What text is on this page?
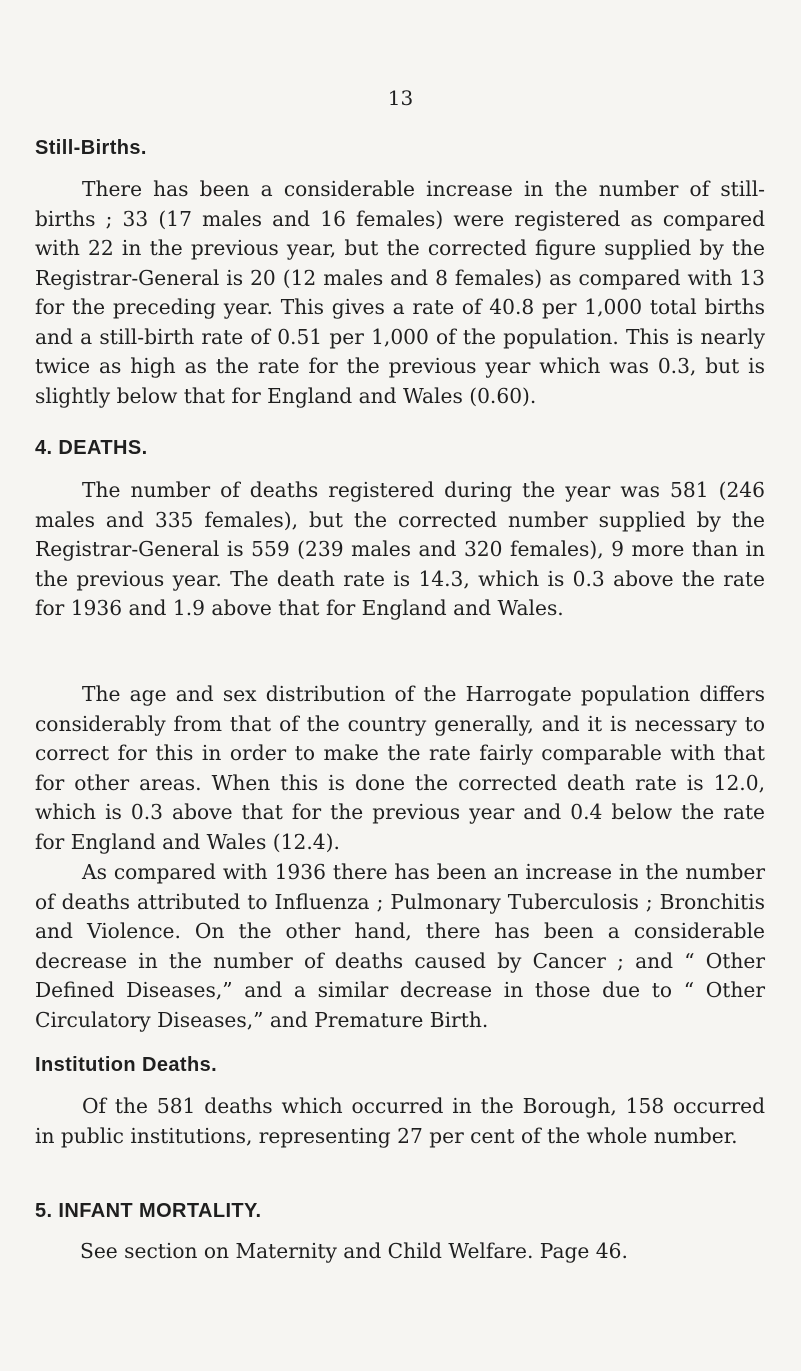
13
Still-Births.

There has been a considerable increase in the number of still-births ; 33 (17 males and 16 females) were registered as compared with 22 in the previous year, but the corrected figure supplied by the Registrar-General is 20 (12 males and 8 females) as compared with 13 for the preceding year. This gives a rate of 40.8 per 1,000 total births and a still-birth rate of 0.51 per 1,000 of the population. This is nearly twice as high as the rate for the previous year which was 0.3, but is slightly below that for England and Wales (0.60).

4. DEATHS.

The number of deaths registered during the year was 581 (246 males and 335 females), but the corrected number supplied by the Registrar-General is 559 (239 males and 320 females), 9 more than in the previous year. The death rate is 14.3, which is 0.3 above the rate for 1936 and 1.9 above that for England and Wales.

The age and sex distribution of the Harrogate population differs considerably from that of the country generally, and it is necessary to correct for this in order to make the rate fairly comparable with that for other areas. When this is done the corrected death rate is 12.0, which is 0.3 above that for the previous year and 0.4 below the rate for England and Wales (12.4).

As compared with 1936 there has been an increase in the number of deaths attributed to Influenza ; Pulmonary Tuberculosis ; Bronchitis and Violence. On the other hand, there has been a considerable decrease in the number of deaths caused by Cancer ; and “ Other Defined Diseases,” and a similar decrease in those due to “ Other Circulatory Diseases,” and Premature Birth.

Institution Deaths.

Of the 581 deaths which occurred in the Borough, 158 occurred in public institutions, representing 27 per cent of the whole number.

5. INFANT MORTALITY.

See section on Maternity and Child Welfare. Page 46.
